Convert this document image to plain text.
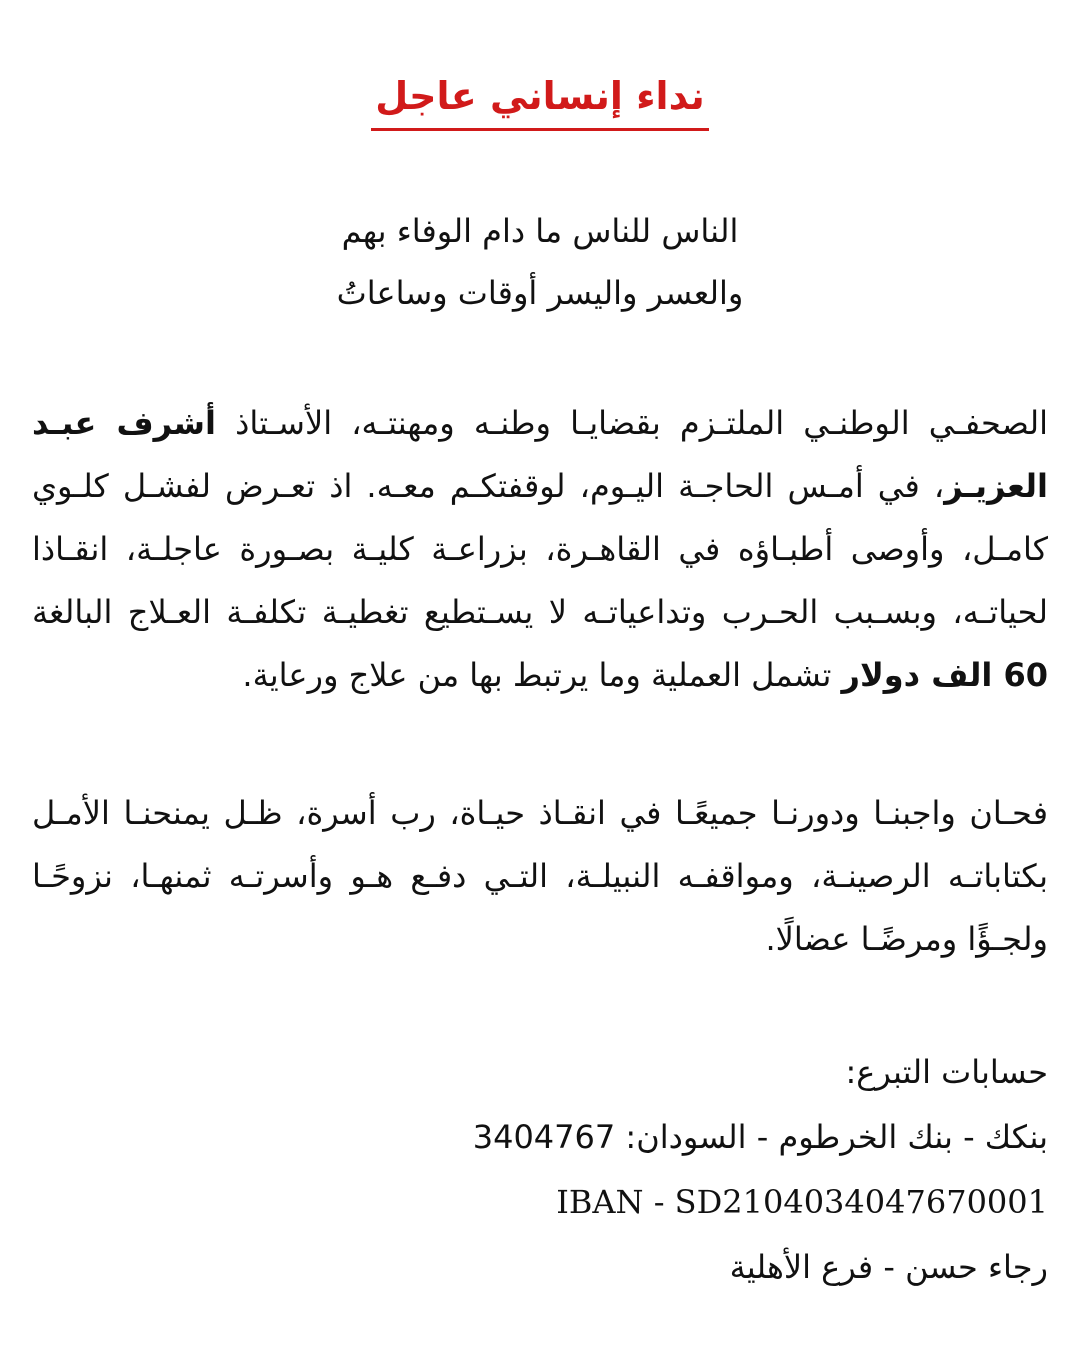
نداء إنساني عاجل
الناس للناس ما دام الوفاء بهم
والعسر واليسر أوقات وساعاتُ
الصحفـي الوطنـي الملتـزم بقضايـا وطنـه ومهنتـه، الأسـتاذ أشرف عبـد العزيـز، في أمـس الحاجـة اليـوم، لوقفتكـم معـه. اذ تعـرض لفشـل كلـوي كامـل، وأوصى أطبـاؤه في القاهـرة، بزراعـة كليـة بصـورة عاجلـة، انقـاذا لحياتـه، وبسـبب الحـرب وتداعياتـه لا يسـتطيع تغطيـة تكلفـة العـلاج البالغة 60 الف دولار تشمل العملية وما يرتبط بها من علاج ورعاية.
فحـان واجبنـا ودورنـا جميعًـا في انقـاذ حيـاة، رب أسرة، ظـل يمنحنـا الأمـل بكتاباتـه الرصينـة، ومواقفـه النبيلـة، التـي دفـع هـو وأسرتـه ثمنهـا، نزوحًـا ولجـؤًا ومرضًـا عضالًا.
حسابات التبرع:
بنكك - بنك الخرطوم - السودان: 3404767
IBAN - SD2104034047670001
رجاء حسن - فرع الأهلية
